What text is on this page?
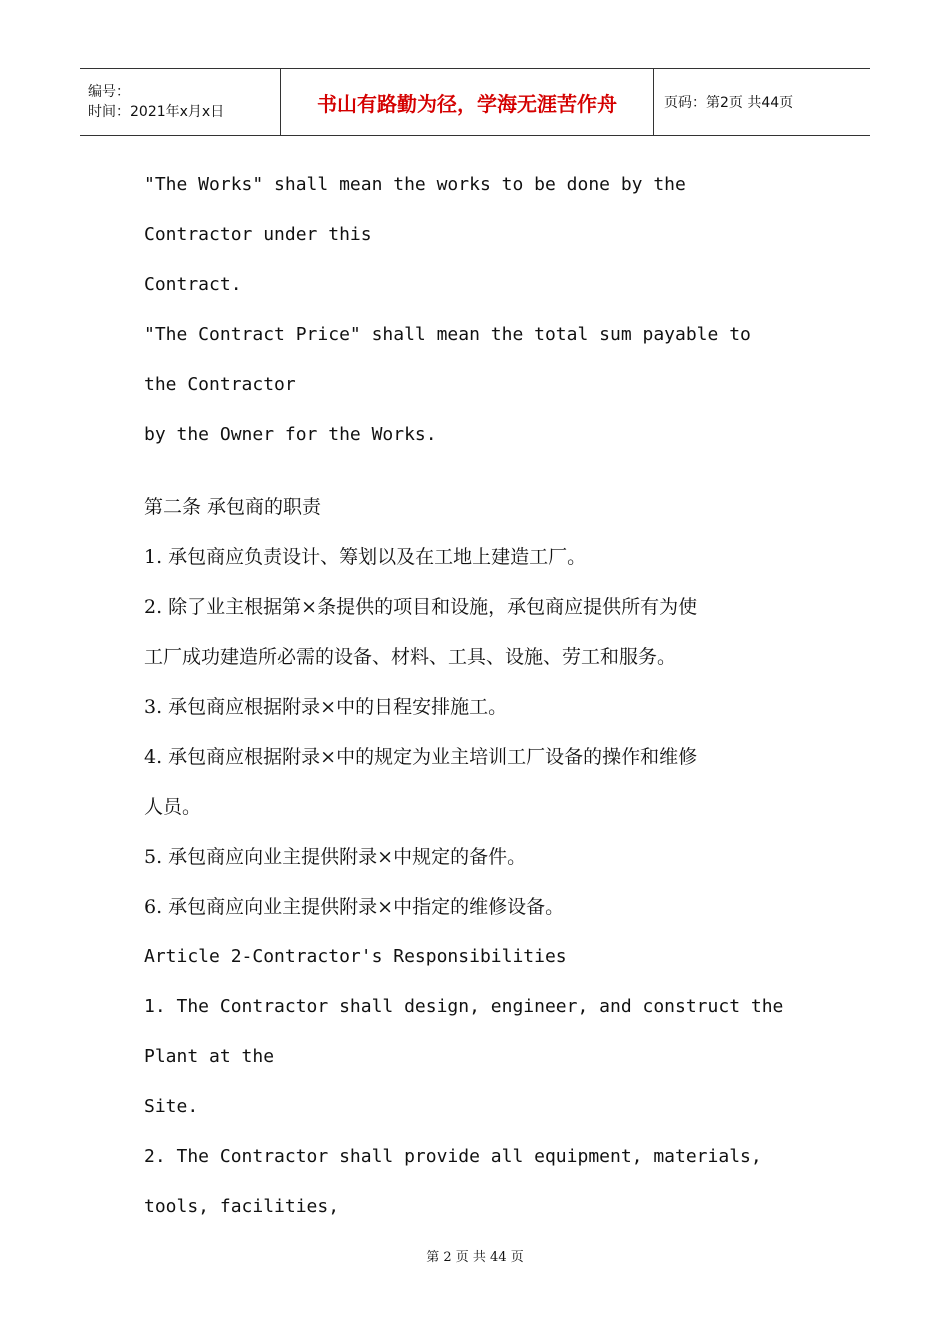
编号：
时间：2021年x月x日	书山有路勤为径，学海无涯苦作舟	页码：第2页 共44页
"The Works" shall mean the works to be done by the
Contractor under this
Contract.
"The Contract Price" shall mean the total sum payable to
the Contractor
by the Owner for the Works.
第二条 承包商的职责
1. 承包商应负责设计、筹划以及在工地上建造工厂。
2. 除了业主根据第×条提供的项目和设施，承包商应提供所有为使
工厂成功建造所必需的设备、材料、工具、设施、劳工和服务。
3. 承包商应根据附录×中的日程安排施工。
4. 承包商应根据附录×中的规定为业主培训工厂设备的操作和维修
人员。
5. 承包商应向业主提供附录×中规定的备件。
6. 承包商应向业主提供附录×中指定的维修设备。
Article 2-Contractor's Responsibilities
1. The Contractor shall design, engineer, and construct the
Plant at the
Site.
2. The Contractor shall provide all equipment, materials,
tools, facilities,
第 2 页 共 44 页
